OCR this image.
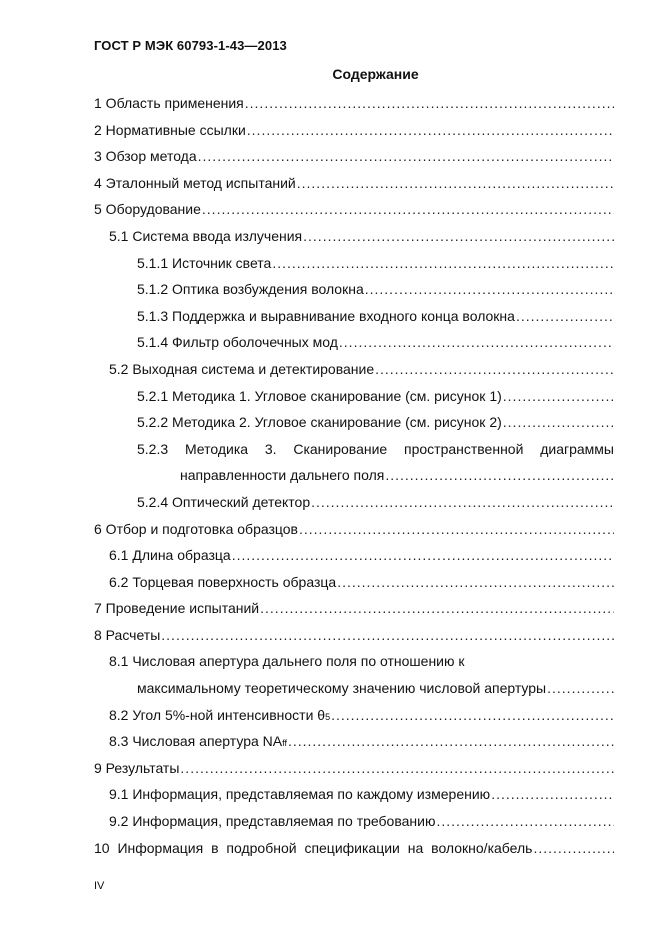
ГОСТ Р МЭК 60793-1-43—2013
Содержание
1 Область применения
.....
2 Нормативные ссылки
.....
3 Обзор метода
.....
4 Эталонный метод испытаний
.....
5 Оборудование
.....
5.1 Система ввода излучения
.....
5.1.1 Источник света
.....
5.1.2 Оптика возбуждения волокна
.....
5.1.3 Поддержка и выравнивание входного конца волокна
.....
5.1.4 Фильтр оболочечных мод
.....
5.2 Выходная система и детектирование
.....
5.2.1 Методика 1. Угловое сканирование (см. рисунок 1)
.....
5.2.2 Методика 2. Угловое сканирование (см. рисунок 2)
.....
5.2.3 Методика 3. Сканирование пространственной диаграммы
направленности дальнего поля
.....
5.2.4 Оптический детектор
.....
6 Отбор и подготовка образцов
.....
6.1 Длина образца
.....
6.2 Торцевая поверхность образца
.....
7 Проведение испытаний
.....
8 Расчеты
.....
8.1 Числовая апертура дальнего поля по отношению к
максимальному теоретическому значению числовой апертуры
.....
8.2 Угол 5%-ной интенсивности θ 5
.....
8.3 Числовая апертура NA ff
.....
9 Результаты
.....
9.1 Информация, представляемая по каждому измерению
.....
9.2 Информация, представляемая по требованию
.....
10 Информация в подробной спецификации на волокно/кабель
.....
IV
